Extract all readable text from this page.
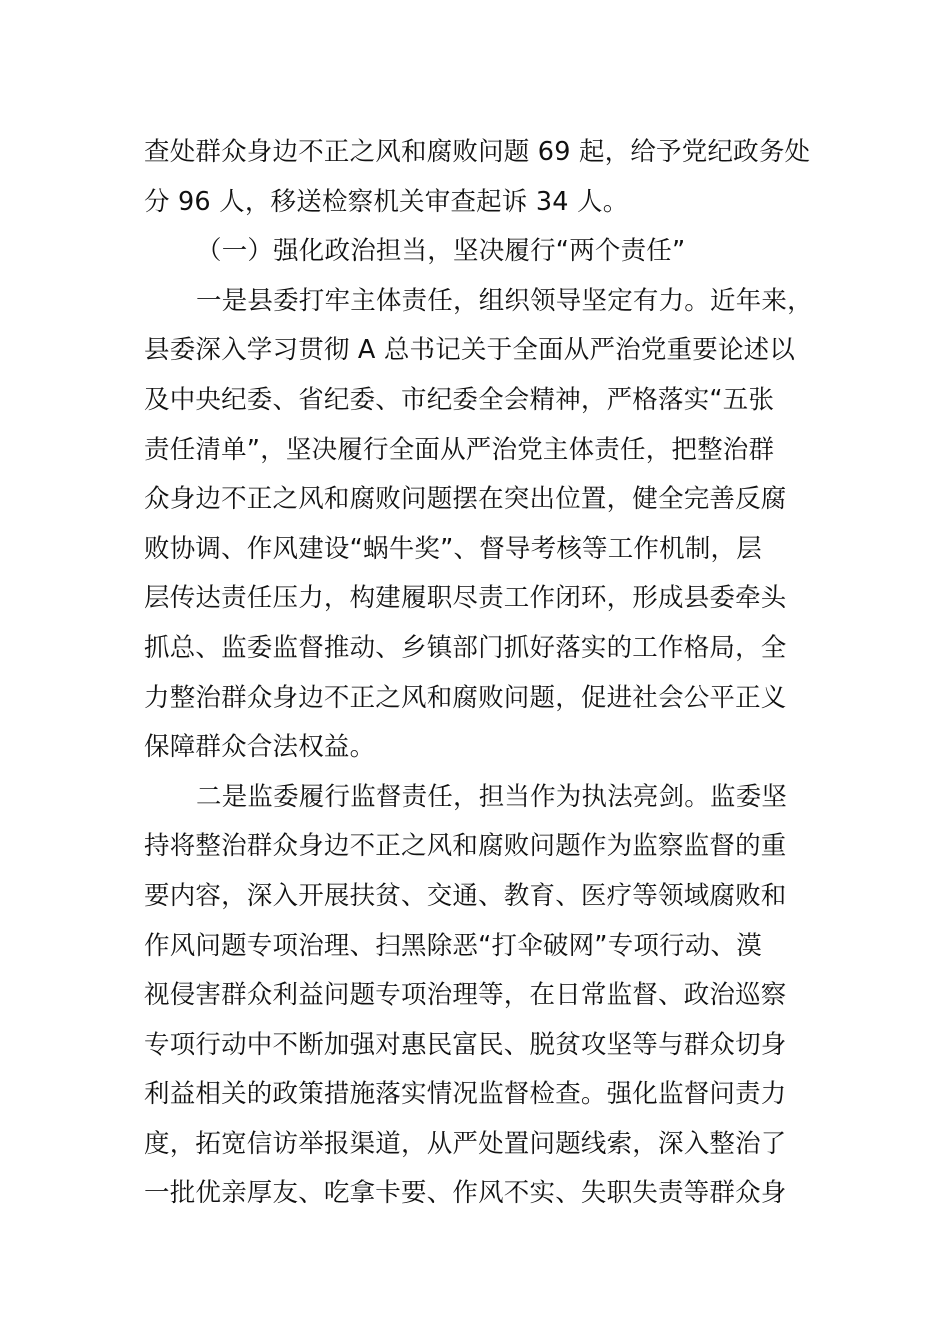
查处群众身边不正之风和腐败问题 69 起，给予党纪政务处
分 96 人，移送检察机关审查起诉 34 人。
（一）强化政治担当，坚决履行“两个责任”
一是县委打牢主体责任，组织领导坚定有力。近年来，
县委深入学习贯彻 A 总书记关于全面从严治党重要论述以
及中央纪委、省纪委、市纪委全会精神，严格落实“五张
责任清单”，坚决履行全面从严治党主体责任，把整治群
众身边不正之风和腐败问题摆在突出位置，健全完善反腐
败协调、作风建设“蜗牛奖”、督导考核等工作机制，层
层传达责任压力，构建履职尽责工作闭环，形成县委牵头
抓总、监委监督推动、乡镇部门抓好落实的工作格局，全
力整治群众身边不正之风和腐败问题，促进社会公平正义
保障群众合法权益。
二是监委履行监督责任，担当作为执法亮剑。监委坚
持将整治群众身边不正之风和腐败问题作为监察监督的重
要内容，深入开展扶贫、交通、教育、医疗等领域腐败和
作风问题专项治理、扫黑除恶“打伞破网”专项行动、漠
视侵害群众利益问题专项治理等，在日常监督、政治巡察
专项行动中不断加强对惠民富民、脱贫攻坚等与群众切身
利益相关的政策措施落实情况监督检查。强化监督问责力
度，拓宽信访举报渠道，从严处置问题线索，深入整治了
一批优亲厚友、吃拿卡要、作风不实、失职失责等群众身
